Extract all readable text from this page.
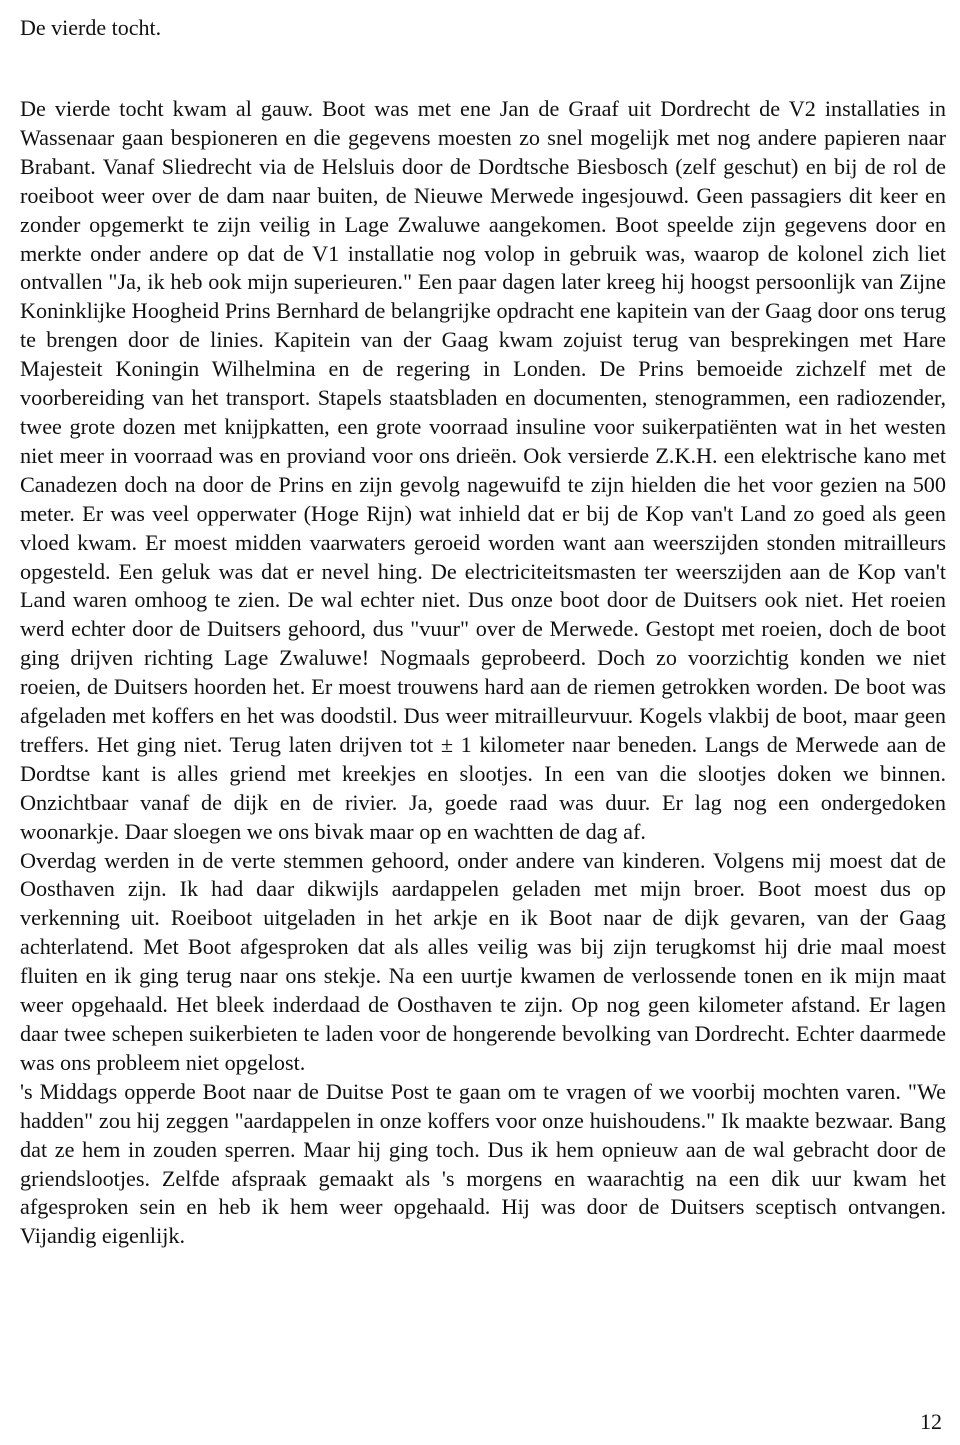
De vierde tocht.

De vierde tocht kwam al gauw. Boot was met ene Jan de Graaf uit Dordrecht de V2 installaties in Wassenaar gaan bespioneren en die gegevens moesten zo snel mogelijk met nog andere papieren naar Brabant. Vanaf Sliedrecht via de Helsluis door de Dordtsche Biesbosch (zelf geschut) en bij de rol de roeiboot weer over de dam naar buiten, de Nieuwe Merwede ingesjouwd. Geen passagiers dit keer en zonder opgemerkt te zijn veilig in Lage Zwaluwe aangekomen. Boot speelde zijn gegevens door en merkte onder andere op dat de V1 installatie nog volop in gebruik was, waarop de kolonel zich liet ontvallen "Ja, ik heb ook mijn superieuren." Een paar dagen later kreeg hij hoogst persoonlijk van Zijne Koninklijke Hoogheid Prins Bernhard de belangrijke opdracht ene kapitein van der Gaag door ons terug te brengen door de linies. Kapitein van der Gaag kwam zojuist terug van besprekingen met Hare Majesteit Koningin Wilhelmina en de regering in Londen. De Prins bemoeide zichzelf met de voorbereiding van het transport. Stapels staatsbladen en documenten, stenogrammen, een radiozender, twee grote dozen met knijpkatten, een grote voorraad insuline voor suikerpatiënten wat in het westen niet meer in voorraad was en proviand voor ons drieën. Ook versierde Z.K.H. een elektrische kano met Canadezen doch na door de Prins en zijn gevolg nagewuifd te zijn hielden die het voor gezien na 500 meter. Er was veel opperwater (Hoge Rijn) wat inhield dat er bij de Kop van't Land zo goed als geen vloed kwam. Er moest midden vaarwaters geroeid worden want aan weerszijden stonden mitrailleurs opgesteld. Een geluk was dat er nevel hing. De electriciteitsmasten ter weerszijden aan de Kop van't Land waren omhoog te zien. De wal echter niet. Dus onze boot door de Duitsers ook niet. Het roeien werd echter door de Duitsers gehoord, dus "vuur" over de Merwede. Gestopt met roeien, doch de boot ging drijven richting Lage Zwaluwe! Nogmaals geprobeerd. Doch zo voorzichtig konden we niet roeien, de Duitsers hoorden het. Er moest trouwens hard aan de riemen getrokken worden. De boot was afgeladen met koffers en het was doodstil. Dus weer mitrailleurvuur. Kogels vlakbij de boot, maar geen treffers. Het ging niet. Terug laten drijven tot ± 1 kilometer naar beneden. Langs de Merwede aan de Dordtse kant is alles griend met kreekjes en slootjes. In een van die slootjes doken we binnen. Onzichtbaar vanaf de dijk en de rivier. Ja, goede raad was duur. Er lag nog een ondergedoken woonarkje. Daar sloegen we ons bivak maar op en wachtten de dag af.

Overdag werden in de verte stemmen gehoord, onder andere van kinderen. Volgens mij moest dat de Oosthaven zijn. Ik had daar dikwijls aardappelen geladen met mijn broer. Boot moest dus op verkenning uit. Roeiboot uitgeladen in het arkje en ik Boot naar de dijk gevaren, van der Gaag achterlatend. Met Boot afgesproken dat als alles veilig was bij zijn terugkomst hij drie maal moest fluiten en ik ging terug naar ons stekje. Na een uurtje kwamen de verlossende tonen en ik mijn maat weer opgehaald. Het bleek inderdaad de Oosthaven te zijn. Op nog geen kilometer afstand. Er lagen daar twee schepen suikerbieten te laden voor de hongerende bevolking van Dordrecht. Echter daarmede was ons probleem niet opgelost.

's Middags opperde Boot naar de Duitse Post te gaan om te vragen of we voorbij mochten varen. "We hadden" zou hij zeggen "aardappelen in onze koffers voor onze huishoudens." Ik maakte bezwaar. Bang dat ze hem in zouden sperren. Maar hij ging toch. Dus ik hem opnieuw aan de wal gebracht door de griendslootjes. Zelfde afspraak gemaakt als 's morgens en waarachtig na een dik uur kwam het afgesproken sein en heb ik hem weer opgehaald. Hij was door de Duitsers sceptisch ontvangen. Vijandig eigenlijk.

12
